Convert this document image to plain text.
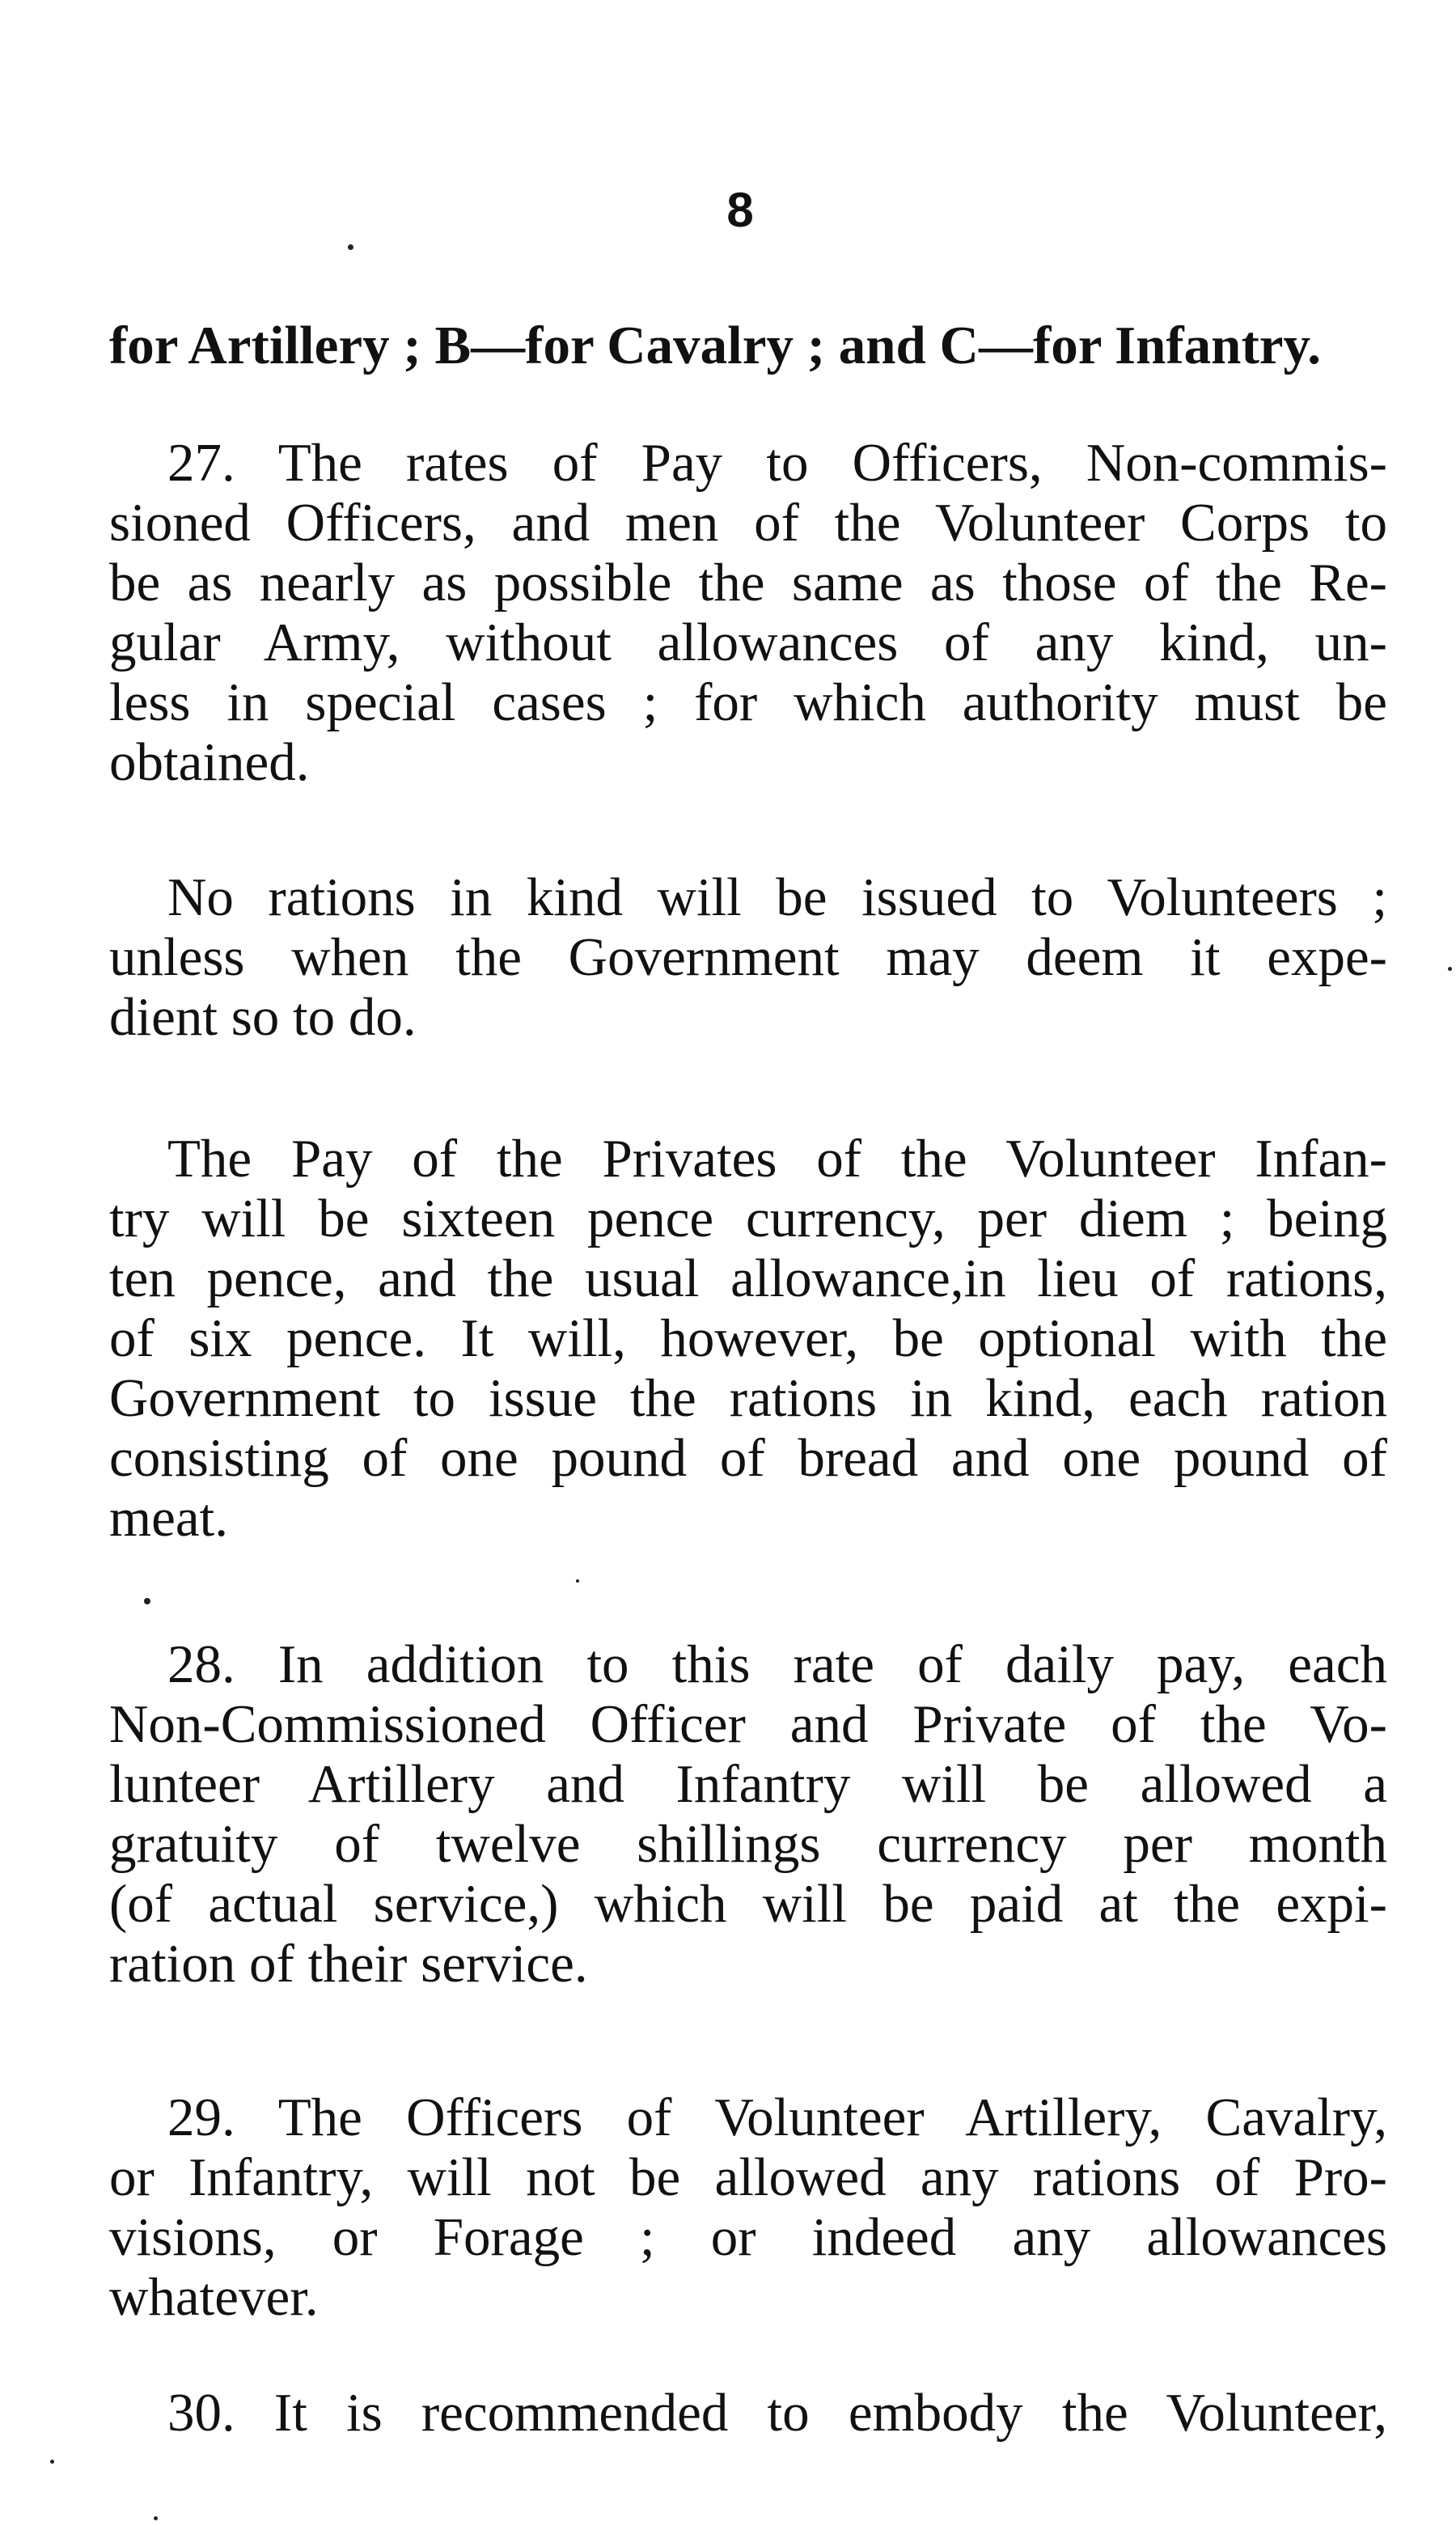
8
for Artillery ; B—for Cavalry ; and C—for Infantry.
27. The rates of Pay to Officers, Non-commis-
sioned Officers, and men of the Volunteer Corps to
be as nearly as possible the same as those of the Re-
gular Army, without allowances of any kind, un-
less in special cases ; for which authority must be
obtained.
No rations in kind will be issued to Volunteers ;
unless when the Government may deem it expe-
dient so to do.
The Pay of the Privates of the Volunteer Infan-
try will be sixteen pence currency, per diem ; being
ten pence, and the usual allowance,in lieu of rations,
of six pence. It will, however, be optional with the
Government to issue the rations in kind, each ration
consisting of one pound of bread and one pound of
meat.
28. In addition to this rate of daily pay, each
Non-Commissioned Officer and Private of the Vo-
lunteer Artillery and Infantry will be allowed a
gratuity of twelve shillings currency per month
(of actual service,) which will be paid at the expi-
ration of their service.
29. The Officers of Volunteer Artillery, Cavalry,
or Infantry, will not be allowed any rations of Pro-
visions, or Forage ; or indeed any allowances
whatever.
30. It is recommended to embody the Volunteer,
